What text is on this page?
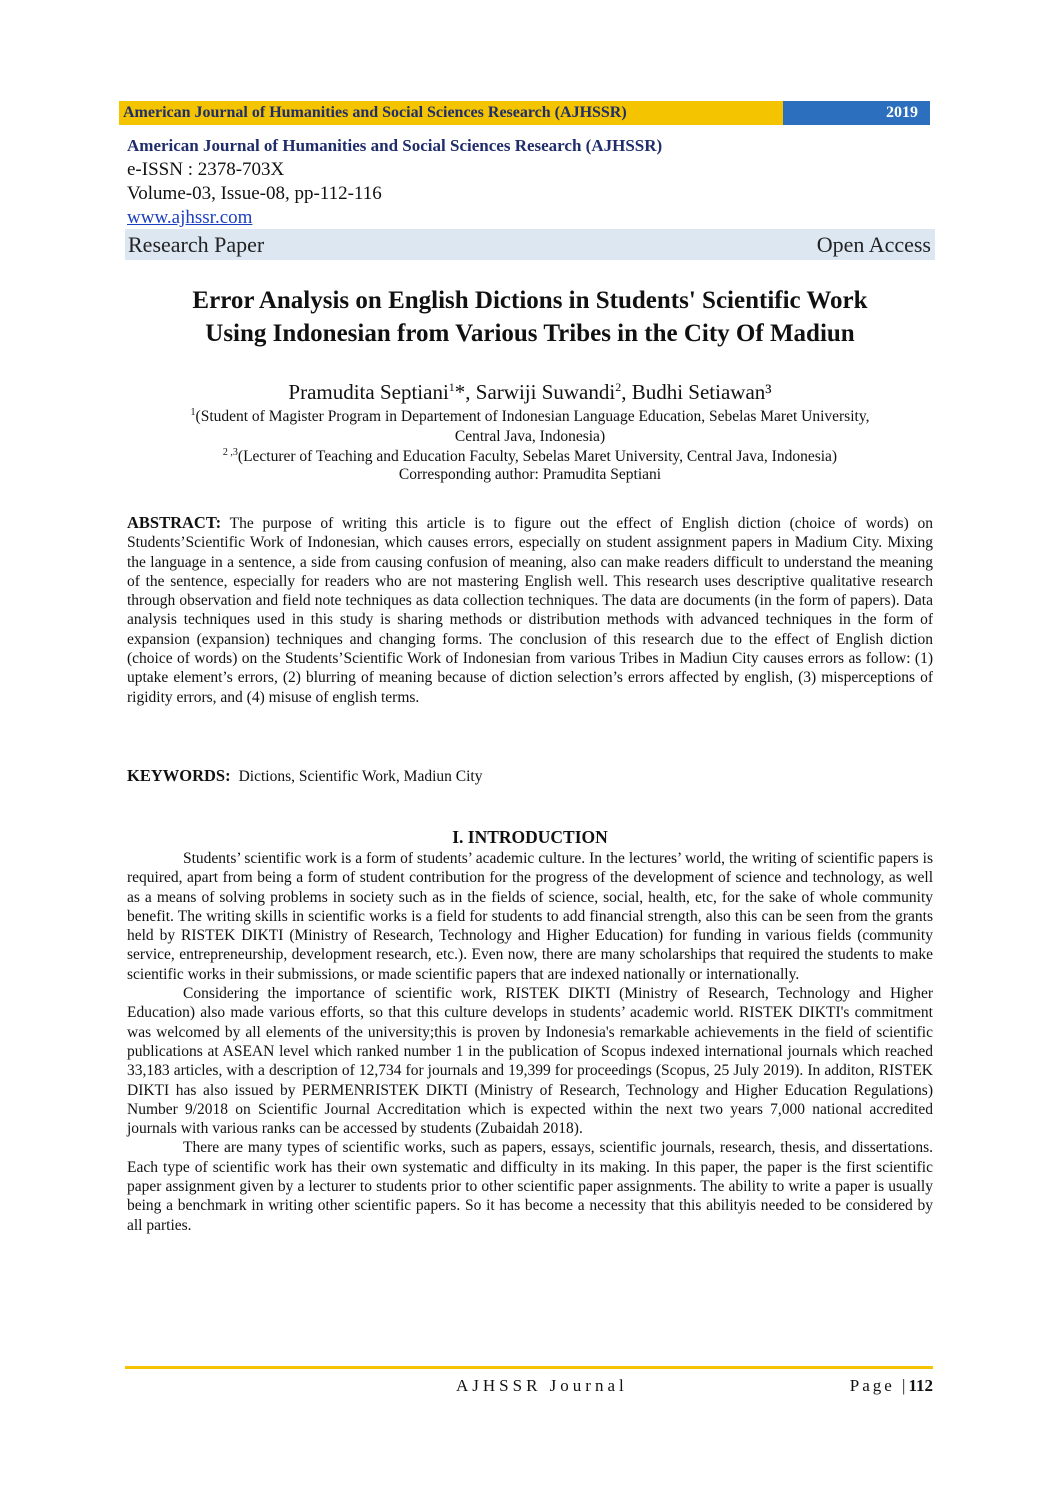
American Journal of Humanities and Social Sciences Research (AJHSSR)	2019
American Journal of Humanities and Social Sciences Research (AJHSSR)
e-ISSN : 2378-703X
Volume-03, Issue-08, pp-112-116
www.ajhssr.com
Research Paper	Open Access
Error Analysis on English Dictions in Students' Scientific Work
Using Indonesian from Various Tribes in the City Of Madiun
Pramudita Septiani$^1$*, Sarwiji Suwandi$^2$, Budhi Setiawan³
$^1$(Student of Magister Program in Departement of Indonesian Language Education, Sebelas Maret University,
Central Java, Indonesia)
$^{2 ,3}$(Lecturer of Teaching and Education Faculty, Sebelas Maret University, Central Java, Indonesia)
Corresponding author: Pramudita Septiani
ABSTRACT: The purpose of writing this article is to figure out the effect of English diction (choice of words) on Students’Scientific Work of Indonesian, which causes errors, especially on student assignment papers in Madium City. Mixing the language in a sentence, a side from causing confusion of meaning, also can make readers difficult to understand the meaning of the sentence, especially for readers who are not mastering English well. This research uses descriptive qualitative research through observation and field note techniques as data collection techniques. The data are documents (in the form of papers). Data analysis techniques used in this study is sharing methods or distribution methods with advanced techniques in the form of expansion (expansion) techniques and changing forms. The conclusion of this research due to the effect of English diction (choice of words) on the Students’Scientific Work of Indonesian from various Tribes in Madiun City causes errors as follow: (1) uptake element’s errors, (2) blurring of meaning because of diction selection’s errors affected by english, (3) misperceptions of rigidity errors, and (4) misuse of english terms.
KEYWORDS: Dictions, Scientific Work, Madiun City
I. INTRODUCTION

Students’ scientific work is a form of students’ academic culture. In the lectures’ world, the writing of scientific papers is required, apart from being a form of student contribution for the progress of the development of science and technology, as well as a means of solving problems in society such as in the fields of science, social, health, etc, for the sake of whole community benefit. The writing skills in scientific works is a field for students to add financial strength, also this can be seen from the grants held by RISTEK DIKTI (Ministry of Research, Technology and Higher Education) for funding in various fields (community service, entrepreneurship, development research, etc.). Even now, there are many scholarships that required the students to make scientific works in their submissions, or made scientific papers that are indexed nationally or internationally.

Considering the importance of scientific work, RISTEK DIKTI (Ministry of Research, Technology and Higher Education) also made various efforts, so that this culture develops in students’ academic world. RISTEK DIKTI's commitment was welcomed by all elements of the university;this is proven by Indonesia's remarkable achievements in the field of scientific publications at ASEAN level which ranked number 1 in the publication of Scopus indexed international journals which reached 33,183 articles, with a description of 12,734 for journals and 19,399 for proceedings (Scopus, 25 July 2019). In additon, RISTEK DIKTI has also issued by PERMENRISTEK DIKTI (Ministry of Research, Technology and Higher Education Regulations) Number 9/2018 on Scientific Journal Accreditation which is expected within the next two years 7,000 national accredited journals with various ranks can be accessed by students (Zubaidah 2018).

There are many types of scientific works, such as papers, essays, scientific journals, research, thesis, and dissertations. Each type of scientific work has their own systematic and difficulty in its making. In this paper, the paper is the first scientific paper assignment given by a lecturer to students prior to other scientific paper assignments. The ability to write a paper is usually being a benchmark in writing other scientific papers. So it has become a necessity that this abilityis needed to be considered by all parties.

AJHSSR Journal	Page |112
